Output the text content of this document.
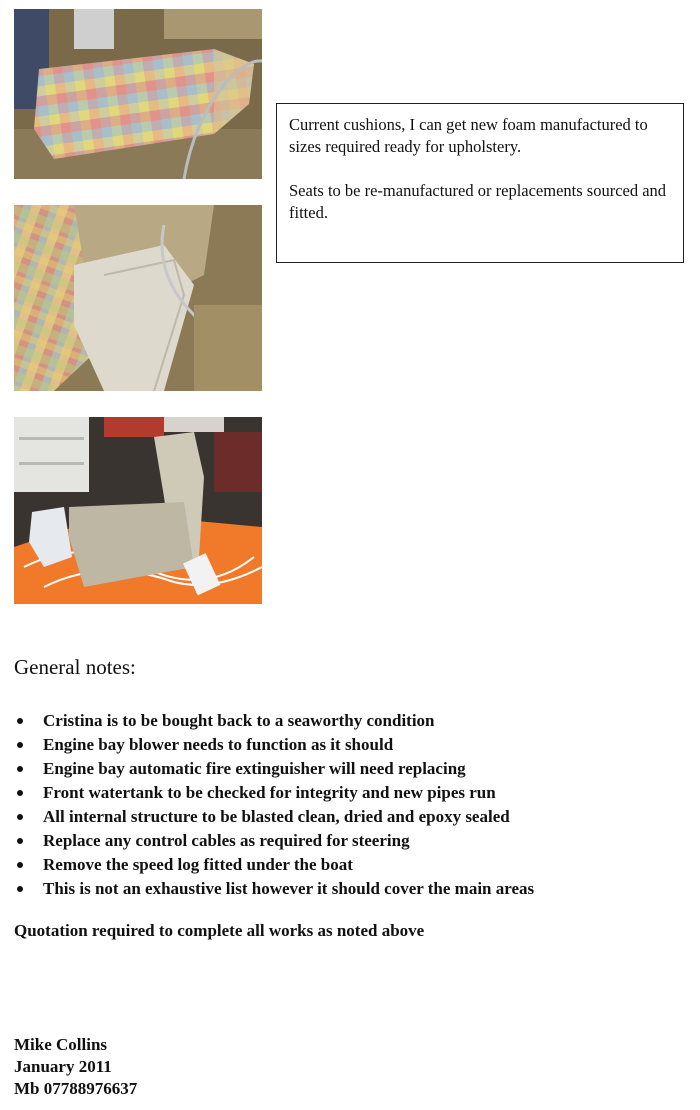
Current cushions, I can get new foam manufactured to sizes required ready for upholstery.

Seats to be re-manufactured or replacements sourced and fitted.

General notes:
Cristina is to be bought back to a seaworthy condition
Engine bay blower needs to function as it should
Engine bay automatic fire extinguisher will need replacing
Front watertank to be checked for integrity and new pipes run
All internal structure to be blasted clean, dried and epoxy sealed
Replace any control cables as required for steering
Remove the speed log fitted under the boat
This is not an exhaustive list however it should cover the main areas

Quotation required to complete all works as noted above

Mike Collins
January 2011
Mb 07788976637
